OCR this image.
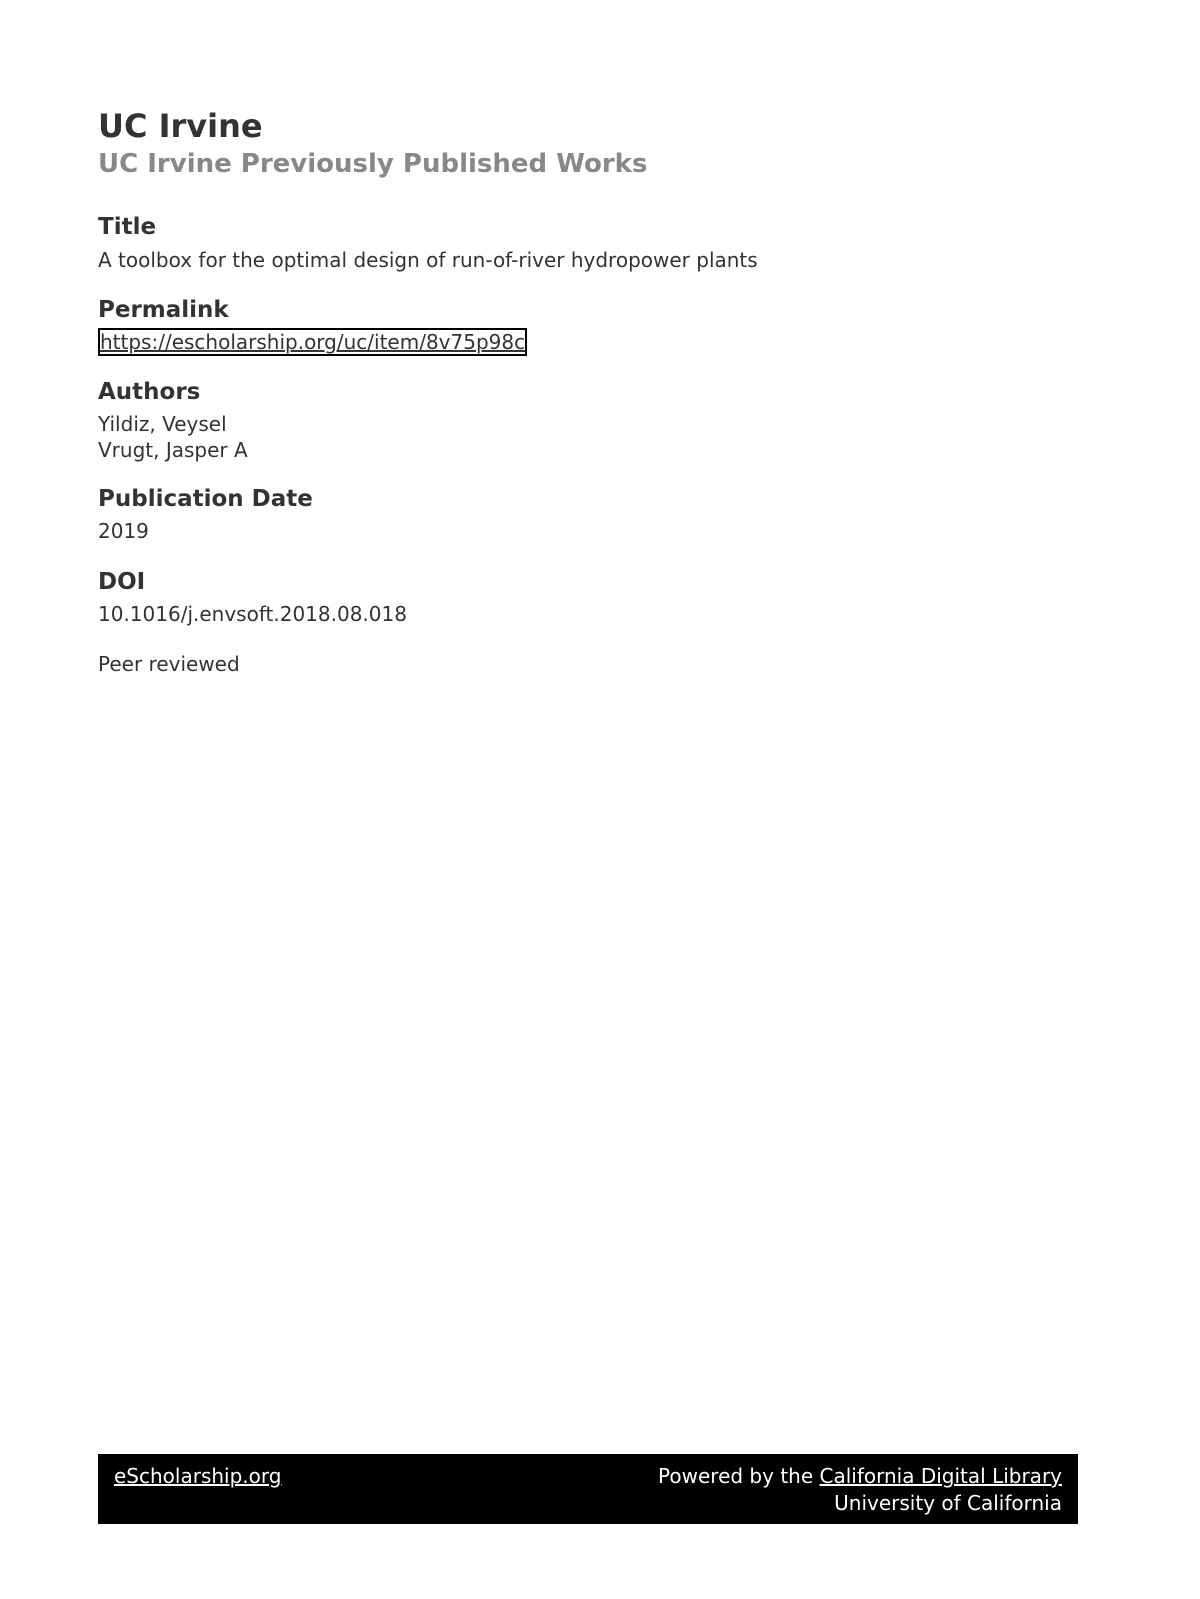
UC Irvine
UC Irvine Previously Published Works
Title
A toolbox for the optimal design of run-of-river hydropower plants
Permalink
https://escholarship.org/uc/item/8v75p98c
Authors
Yildiz, Veysel
Vrugt, Jasper A
Publication Date
2019
DOI
10.1016/j.envsoft.2018.08.018
Peer reviewed
eScholarship.org	Powered by the California Digital Library
University of California
